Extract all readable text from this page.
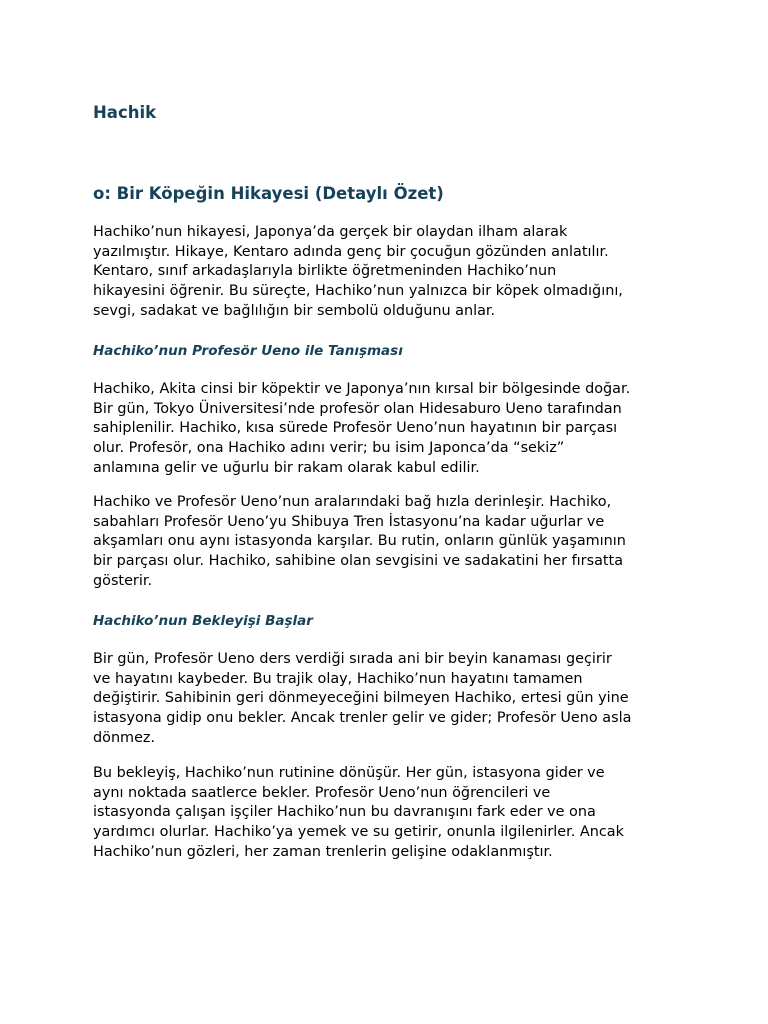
Hachik
o: Bir Köpeğin Hikayesi (Detaylı Özet)
Hachiko’nun hikayesi, Japonya’da gerçek bir olaydan ilham alarak
yazılmıştır. Hikaye, Kentaro adında genç bir çocuğun gözünden anlatılır.
Kentaro, sınıf arkadaşlarıyla birlikte öğretmeninden Hachiko’nun
hikayesini öğrenir. Bu süreçte, Hachiko’nun yalnızca bir köpek olmadığını,
sevgi, sadakat ve bağlılığın bir sembolü olduğunu anlar.
Hachiko’nun Profesör Ueno ile Tanışması
Hachiko, Akita cinsi bir köpektir ve Japonya’nın kırsal bir bölgesinde doğar.
Bir gün, Tokyo Üniversitesi’nde profesör olan Hidesaburo Ueno tarafından
sahiplenilir. Hachiko, kısa sürede Profesör Ueno’nun hayatının bir parçası
olur. Profesör, ona Hachiko adını verir; bu isim Japonca’da “sekiz”
anlamına gelir ve uğurlu bir rakam olarak kabul edilir.
Hachiko ve Profesör Ueno’nun aralarındaki bağ hızla derinleşir. Hachiko,
sabahları Profesör Ueno’yu Shibuya Tren İstasyonu’na kadar uğurlar ve
akşamları onu aynı istasyonda karşılar. Bu rutin, onların günlük yaşamının
bir parçası olur. Hachiko, sahibine olan sevgisini ve sadakatini her fırsatta
gösterir.
Hachiko’nun Bekleyişi Başlar
Bir gün, Profesör Ueno ders verdiği sırada ani bir beyin kanaması geçirir
ve hayatını kaybeder. Bu trajik olay, Hachiko’nun hayatını tamamen
değiştirir. Sahibinin geri dönmeyeceğini bilmeyen Hachiko, ertesi gün yine
istasyona gidip onu bekler. Ancak trenler gelir ve gider; Profesör Ueno asla
dönmez.
Bu bekleyiş, Hachiko’nun rutinine dönüşür. Her gün, istasyona gider ve
aynı noktada saatlerce bekler. Profesör Ueno’nun öğrencileri ve
istasyonda çalışan işçiler Hachiko’nun bu davranışını fark eder ve ona
yardımcı olurlar. Hachiko’ya yemek ve su getirir, onunla ilgilenirler. Ancak
Hachiko’nun gözleri, her zaman trenlerin gelişine odaklanmıştır.
